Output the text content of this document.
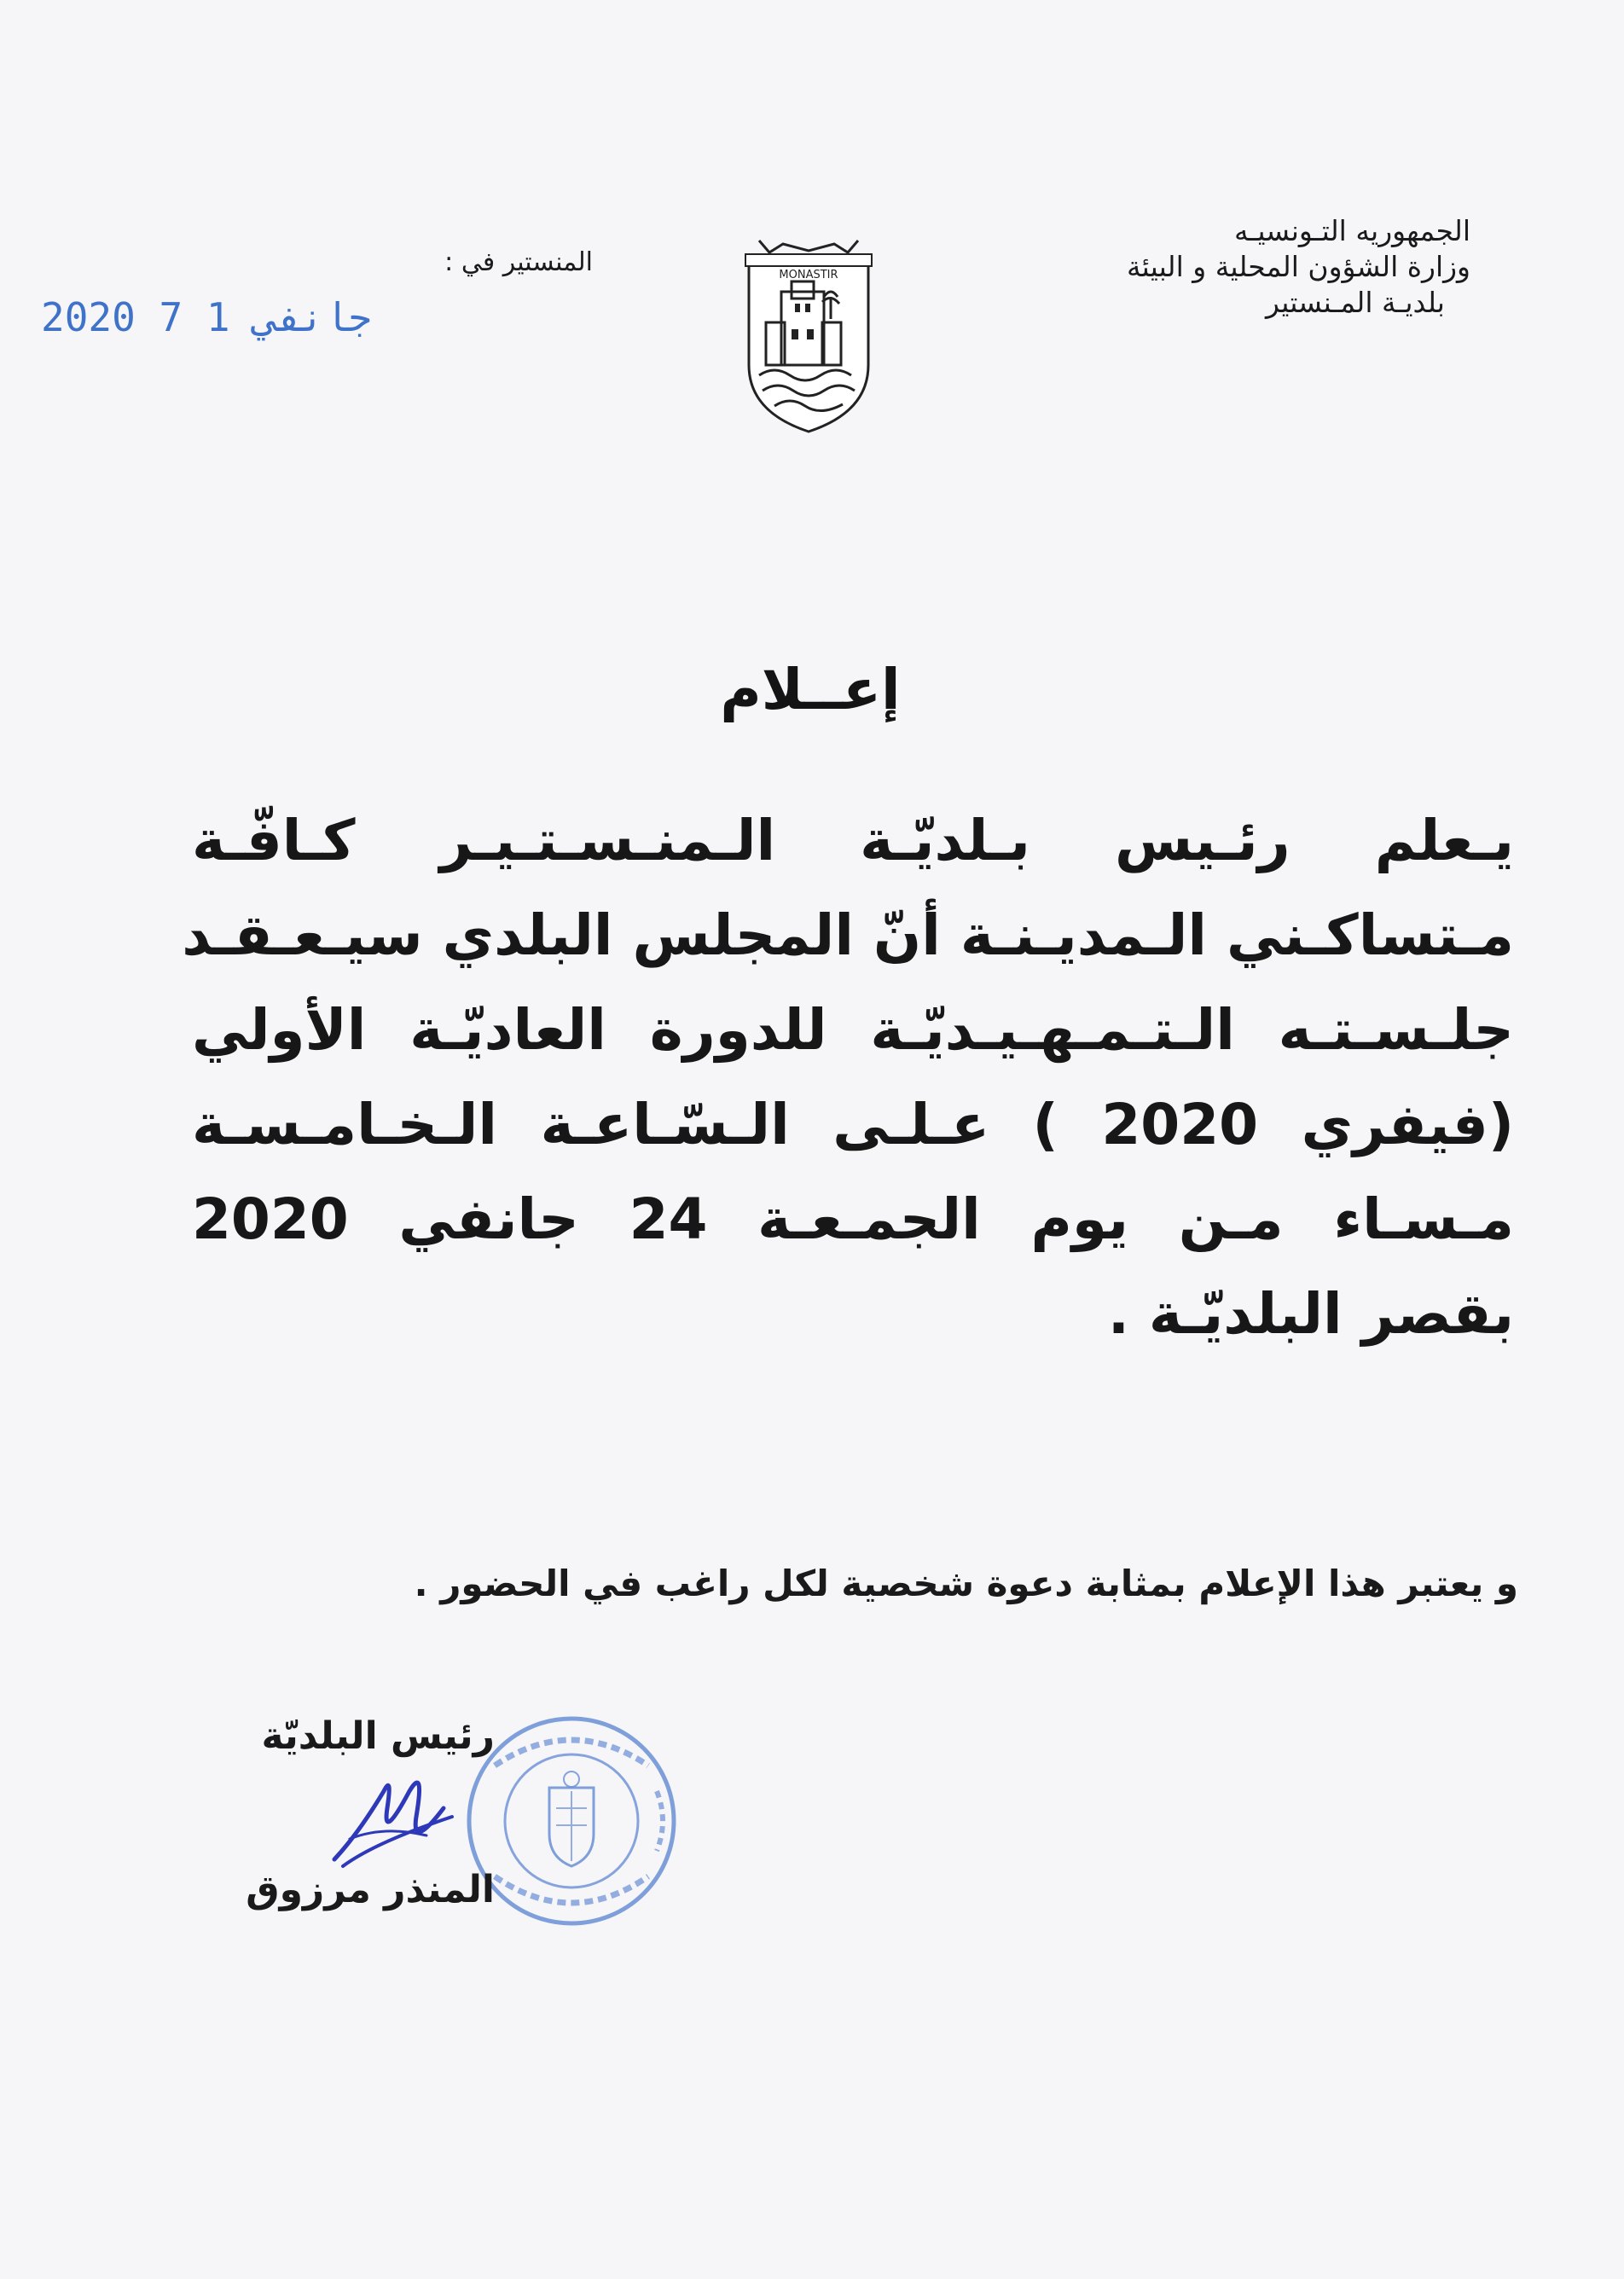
الجمهوريه التـونسيـه
وزارة الشؤون المحلية و البيئة
بلديـة المـنستير
MONASTIR
المنستير في :
2020 جانفي 1 7
إعــلام
يـعلم رئـيس بـلديّـة الـمنـسـتـيـر كـافّـة
مـتساكـني الـمديـنـة أنّ المجلس البلدي سيـعـقـد
جلـسـتـه الـتـمـهـيـديّـة للدورة العاديّـة الأولي
(فيفري 2020 ) عـلـى الـسّـاعـة الـخـامـسـة
مـسـاء مـن يوم الجمـعـة 24 جانفي 2020
بقصر البلديّـة .
و يعتبر هذا الإعلام بمثابة دعوة شخصية لكل راغب في الحضور .
رئيس البلديّة
المنذر مرزوق
